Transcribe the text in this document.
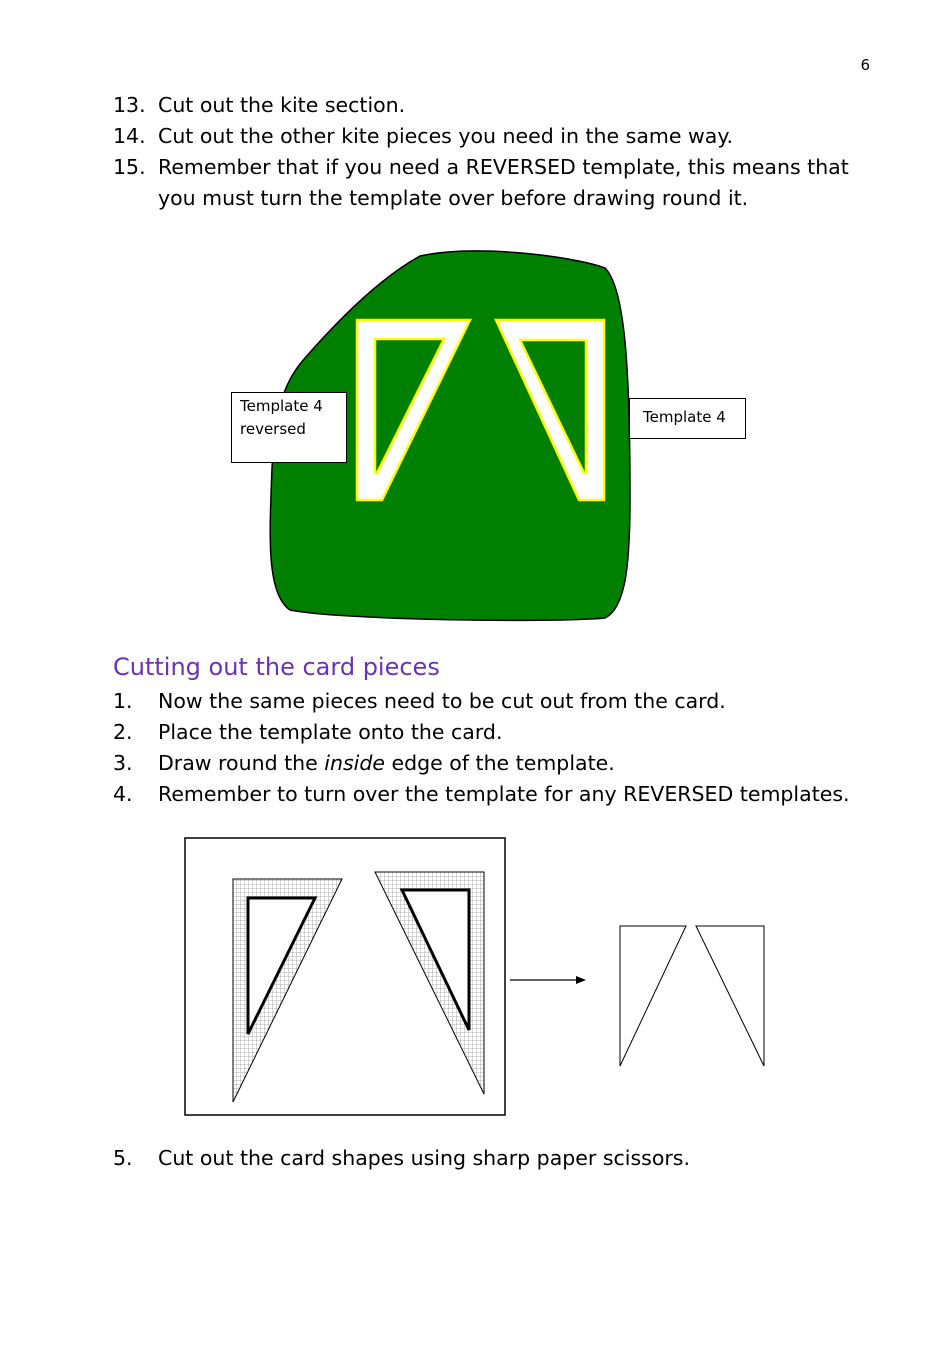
6
13. Cut out the kite section.
14. Cut out the other kite pieces you need in the same way.
15. Remember that if you need a REVERSED template, this means that you must turn the template over before drawing round it.
Template 4 reversed
Template 4
Cutting out the card pieces
1.	Now the same pieces need to be cut out from the card.
2.	Place the template onto the card.
3.	Draw round the inside edge of the template.
4.	Remember to turn over the template for any REVERSED templates.
5.	Cut out the card shapes using sharp paper scissors.
